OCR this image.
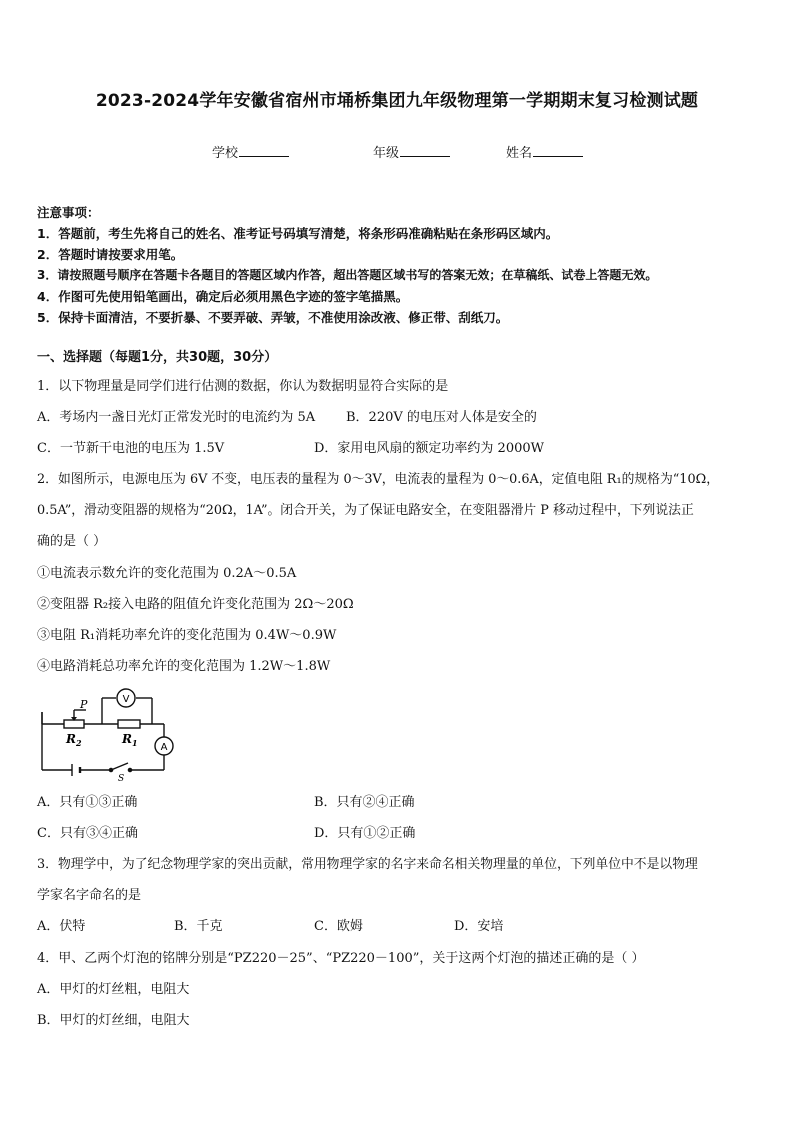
2023-2024学年安徽省宿州市埇桥集团九年级物理第一学期期末复习检测试题
学校	年级	姓名
注意事项：
1．答题前，考生先将自己的姓名、准考证号码填写清楚，将条形码准确粘贴在条形码区域内。
2．答题时请按要求用笔。
3．请按照题号顺序在答题卡各题目的答题区域内作答，超出答题区域书写的答案无效；在草稿纸、试卷上答题无效。
4．作图可先使用铅笔画出，确定后必须用黑色字迹的签字笔描黑。
5．保持卡面清洁，不要折暴、不要弄破、弄皱，不准使用涂改液、修正带、刮纸刀。
一、选择题（每题1分，共30题，30分）
1．以下物理量是同学们进行估测的数据，你认为数据明显符合实际的是
A．考场内一盏日光灯正常发光时的电流约为 5A B．220V 的电压对人体是安全的
C．一节新干电池的电压为 1.5V	D．家用电风扇的额定功率约为 2000W
2．如图所示，电源电压为 6V 不变，电压表的量程为 0～3V，电流表的量程为 0～0.6A，定值电阻 R₁的规格为“10Ω，
0.5A”，滑动变阻器的规格为“20Ω，1A”。闭合开关，为了保证电路安全，在变阻器滑片 P 移动过程中，下列说法正
确的是（ ）
①电流表示数允许的变化范围为 0.2A～0.5A
②变阻器 R₂接入电路的阻值允许变化范围为 2Ω～20Ω
③电阻 R₁消耗功率允许的变化范围为 0.4W～0.9W
④电路消耗总功率允许的变化范围为 1.2W～1.8W
P
$R_2$	$R_1$
V
A
S
A．只有①③正确	B．只有②④正确
C．只有③④正确	D．只有①②正确
3．物理学中，为了纪念物理学家的突出贡献，常用物理学家的名字来命名相关物理量的单位，下列单位中不是以物理
学家名字命名的是
A．伏特	B．千克	C．欧姆	D．安培
4．甲、乙两个灯泡的铭牌分别是“PZ220－25”、“PZ220－100”，关于这两个灯泡的描述正确的是（ ）
A．甲灯的灯丝粗，电阻大
B．甲灯的灯丝细，电阻大
